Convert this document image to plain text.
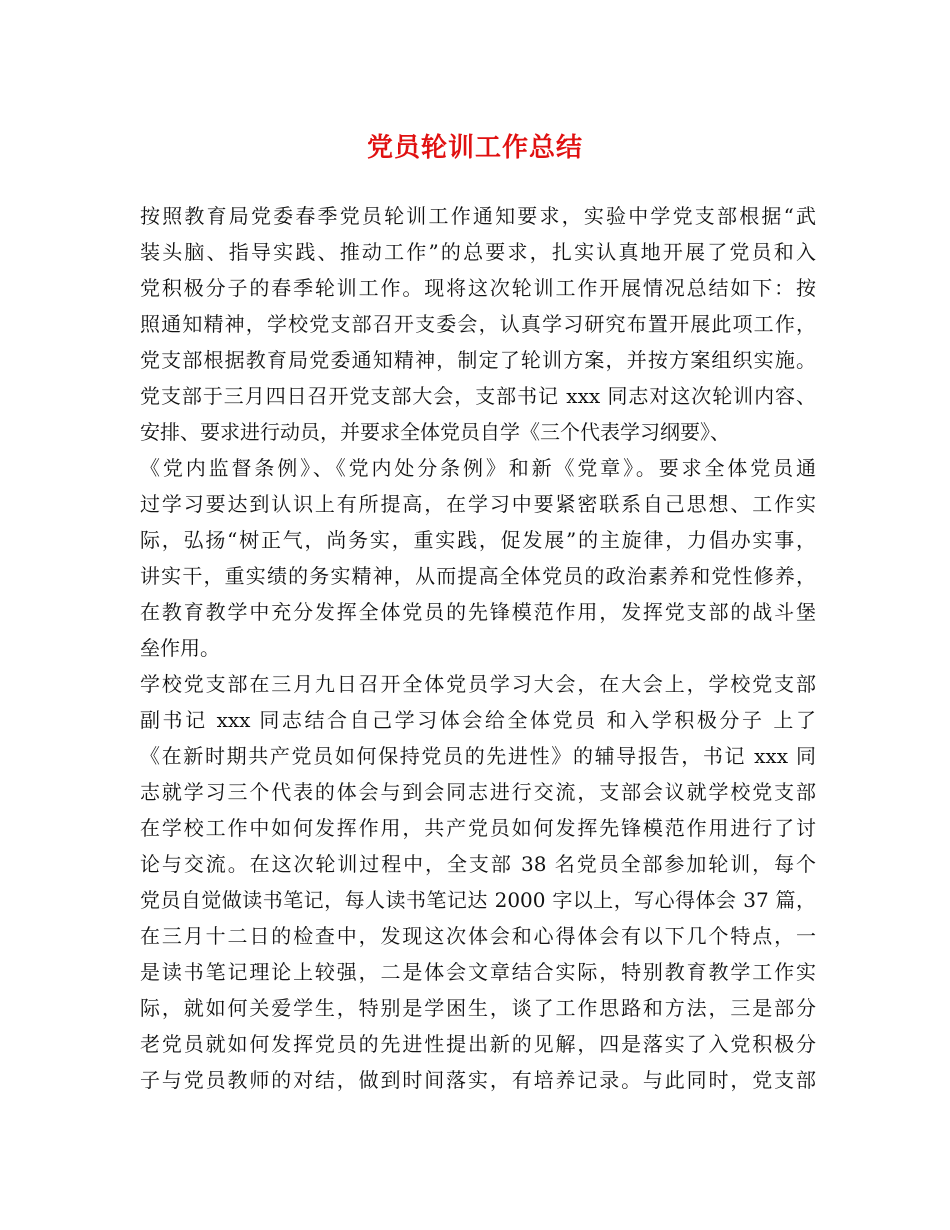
党员轮训工作总结
按照教育局党委春季党员轮训工作通知要求，实验中学党支部根据“武
装头脑、指导实践、推动工作”的总要求，扎实认真地开展了党员和入
党积极分子的春季轮训工作。现将这次轮训工作开展情况总结如下：按
照通知精神，学校党支部召开支委会，认真学习研究布置开展此项工作，
党支部根据教育局党委通知精神，制定了轮训方案，并按方案组织实施。
党支部于三月四日召开党支部大会，支部书记 xxx 同志对这次轮训内容、
安排、要求进行动员，并要求全体党员自学《三个代表学习纲要》、
《党内监督条例》、《党内处分条例》和新《党章》。要求全体党员通
过学习要达到认识上有所提高，在学习中要紧密联系自己思想、工作实
际，弘扬“树正气，尚务实，重实践，促发展”的主旋律，力倡办实事，
讲实干，重实绩的务实精神，从而提高全体党员的政治素养和党性修养，
在教育教学中充分发挥全体党员的先锋模范作用，发挥党支部的战斗堡
垒作用。
学校党支部在三月九日召开全体党员学习大会，在大会上，学校党支部
副书记 xxx 同志结合自己学习体会给全体党员 和入学积极分子 上了
《在新时期共产党员如何保持党员的先进性》的辅导报告，书记 xxx 同
志就学习三个代表的体会与到会同志进行交流，支部会议就学校党支部
在学校工作中如何发挥作用，共产党员如何发挥先锋模范作用进行了讨
论与交流。在这次轮训过程中，全支部 38 名党员全部参加轮训，每个
党员自觉做读书笔记，每人读书笔记达 2000 字以上，写心得体会 37 篇，
在三月十二日的检查中，发现这次体会和心得体会有以下几个特点，一
是读书笔记理论上较强，二是体会文章结合实际，特别教育教学工作实
际，就如何关爱学生，特别是学困生，谈了工作思路和方法，三是部分
老党员就如何发挥党员的先进性提出新的见解，四是落实了入党积极分
子与党员教师的对结，做到时间落实，有培养记录。与此同时，党支部
